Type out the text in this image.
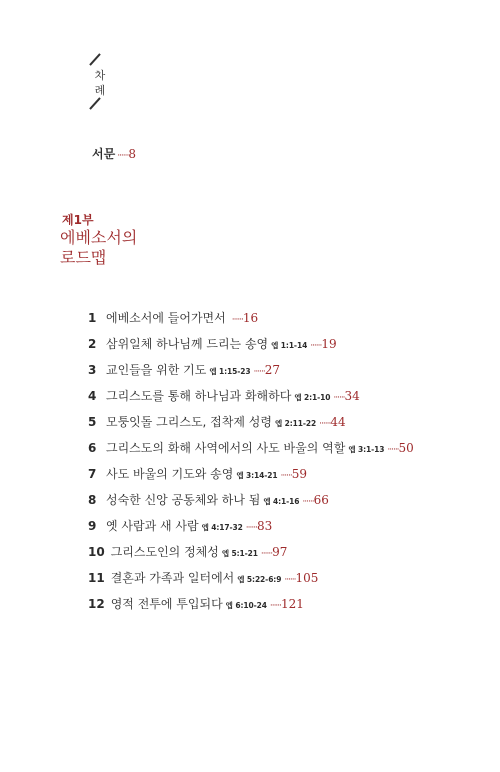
차
례
서문 ······8
제1부
에베소서의
로드맵
1 에베소서에 들어가면서 ······16
2 삼위일체 하나님께 드리는 송영 엡 1:1-14 ······19
3 교인들을 위한 기도 엡 1:15-23 ······27
4 그리스도를 통해 하나님과 화해하다 엡 2:1-10 ······34
5 모퉁잇돌 그리스도, 접착제 성령 엡 2:11-22 ······44
6 그리스도의 화해 사역에서의 사도 바울의 역할 엡 3:1-13 ······50
7 사도 바울의 기도와 송영 엡 3:14-21 ······59
8 성숙한 신앙 공동체와 하나 됨 엡 4:1-16 ······66
9 옛 사람과 새 사람 엡 4:17-32 ······83
10 그리스도인의 정체성 엡 5:1-21 ······97
11 결혼과 가족과 일터에서 엡 5:22-6:9 ······105
12 영적 전투에 투입되다 엡 6:10-24 ······121
